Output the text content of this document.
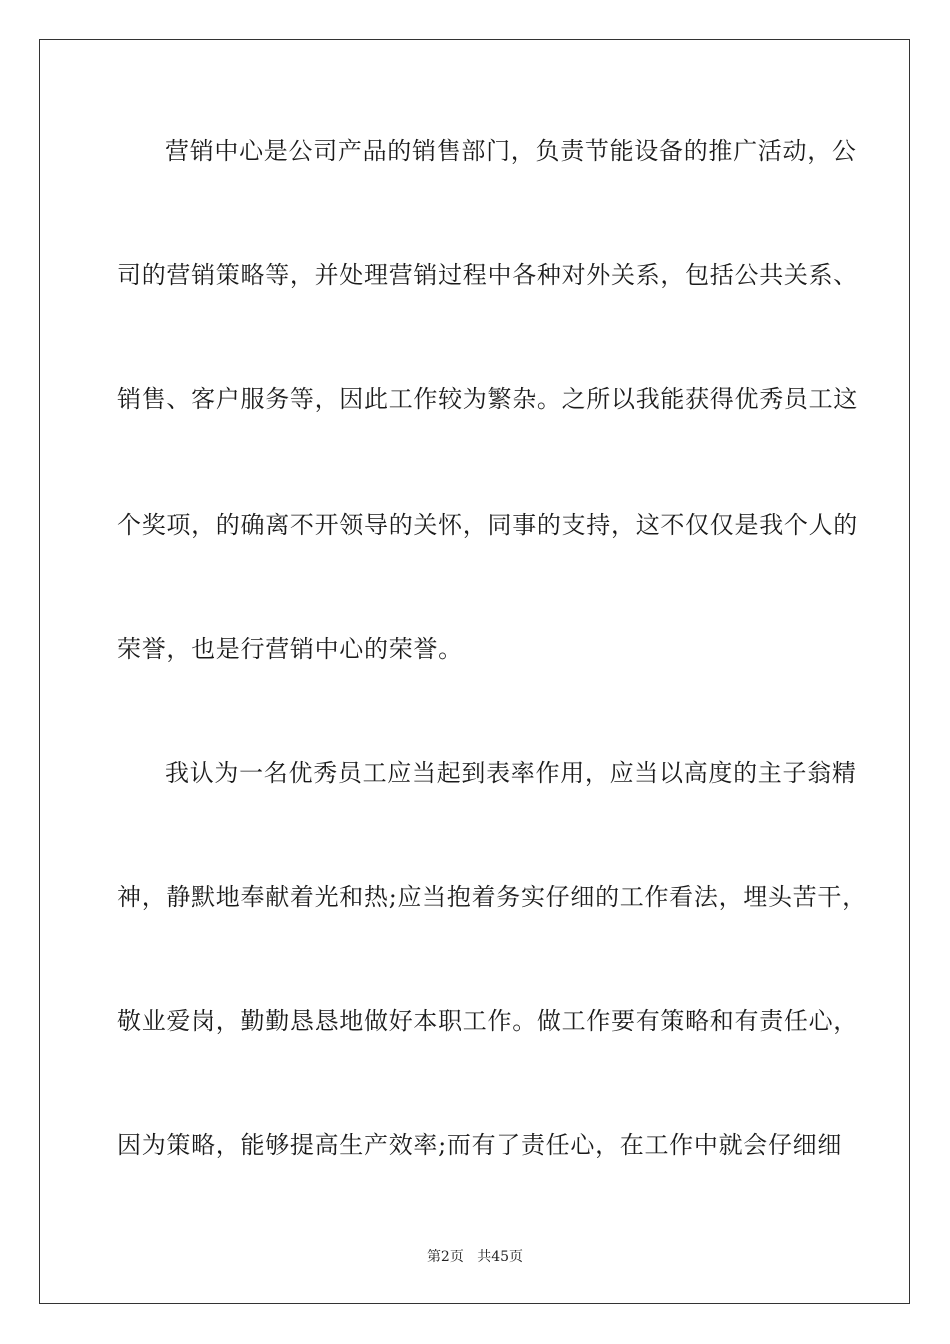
营销中心是公司产品的销售部门，负责节能设备的推广活动，公
司的营销策略等，并处理营销过程中各种对外关系，包括公共关系、
销售、客户服务等，因此工作较为繁杂。之所以我能获得优秀员工这
个奖项，的确离不开领导的关怀，同事的支持，这不仅仅是我个人的
荣誉，也是行营销中心的荣誉。
我认为一名优秀员工应当起到表率作用，应当以高度的主子翁精
神，静默地奉献着光和热;应当抱着务实仔细的工作看法，埋头苦干，
敬业爱岗，勤勤恳恳地做好本职工作。做工作要有策略和有责任心，
因为策略，能够提高生产效率;而有了责任心，在工作中就会仔细细
第2页 共45页
